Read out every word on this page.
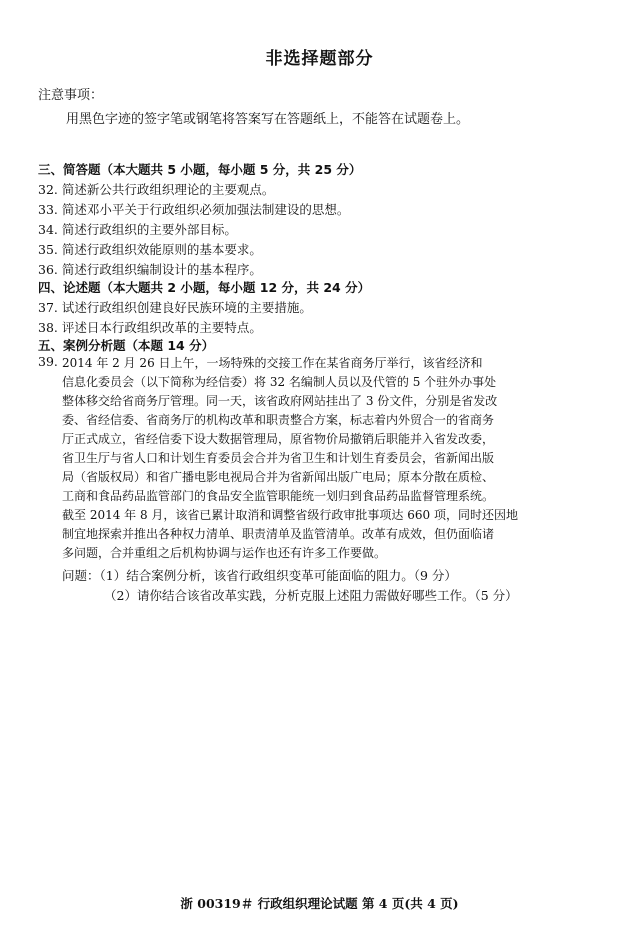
非选择题部分
注意事项：
用黑色字迹的签字笔或钢笔将答案写在答题纸上，不能答在试题卷上。
三、简答题（本大题共 5 小题，每小题 5 分，共 25 分）
32. 简述新公共行政组织理论的主要观点。
33. 简述邓小平关于行政组织必须加强法制建设的思想。
34. 简述行政组织的主要外部目标。
35. 简述行政组织效能原则的基本要求。
36. 简述行政组织编制设计的基本程序。
四、论述题（本大题共 2 小题，每小题 12 分，共 24 分）
37. 试述行政组织创建良好民族环境的主要措施。
38. 评述日本行政组织改革的主要特点。
五、案例分析题（本题 14 分）
39. 2014 年 2 月 26 日上午，一场特殊的交接工作在某省商务厅举行，该省经济和
信息化委员会（以下简称为经信委）将 32 名编制人员以及代管的 5 个驻外办事处
整体移交给省商务厅管理。同一天，该省政府网站挂出了 3 份文件，分别是省发改
委、省经信委、省商务厅的机构改革和职责整合方案，标志着内外贸合一的省商务
厅正式成立，省经信委下设大数据管理局，原省物价局撤销后职能并入省发改委，
省卫生厅与省人口和计划生育委员会合并为省卫生和计划生育委员会，省新闻出版
局（省版权局）和省广播电影电视局合并为省新闻出版广电局；原本分散在质检、
工商和食品药品监管部门的食品安全监管职能统一划归到食品药品监督管理系统。
截至 2014 年 8 月，该省已累计取消和调整省级行政审批事项达 660 项，同时还因地
制宜地探索并推出各种权力清单、职责清单及监管清单。改革有成效，但仍面临诸
多问题，合并重组之后机构协调与运作也还有许多工作要做。
问题：（1）结合案例分析，该省行政组织变革可能面临的阻力。（9 分）
（2）请你结合该省改革实践，分析克服上述阻力需做好哪些工作。（5 分）
浙 00319＃ 行政组织理论试题 第 4 页(共 4 页)
